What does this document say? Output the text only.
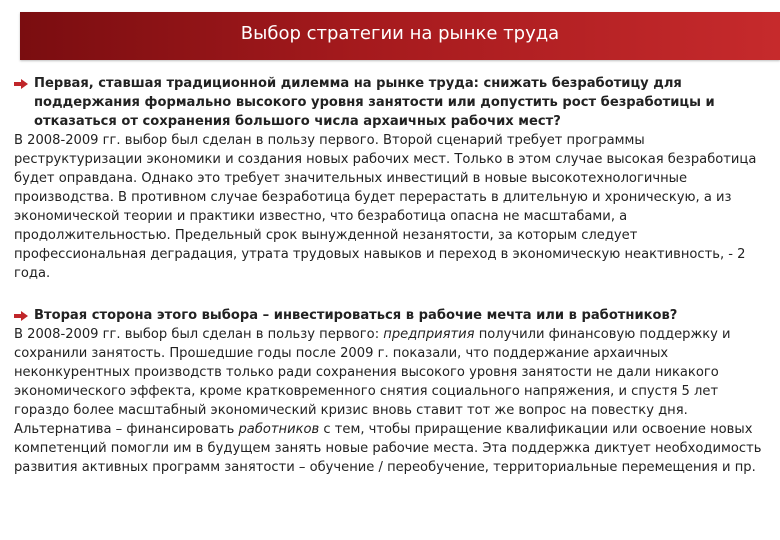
Выбор стратегии на рынке труда
Первая, ставшая традиционной дилемма на рынке труда: снижать безработицу для поддержания формально высокого уровня занятости или допустить рост безработицы и отказаться от сохранения большого числа архаичных рабочих мест?

В 2008-2009 гг. выбор был сделан в пользу первого. Второй сценарий требует программы реструктуризации экономики и создания новых рабочих мест. Только в этом случае высокая безработица будет оправдана. Однако это требует значительных инвестиций в новые высокотехнологичные производства. В противном случае безработица будет перерастать в длительную и хроническую, а из экономической теории и практики известно, что безработица опасна не масштабами, а продолжительностью. Предельный срок вынужденной незанятости, за которым следует профессиональная деградация, утрата трудовых навыков и переход в экономическую неактивность, - 2 года.

Вторая сторона этого выбора – инвестироваться в рабочие мечта или в работников?

В 2008-2009 гг. выбор был сделан в пользу первого: предприятия получили финансовую поддержку и сохранили занятость. Прошедшие годы после 2009 г. показали, что поддержание архаичных неконкурентных производств только ради сохранения высокого уровня занятости не дали никакого экономического эффекта, кроме кратковременного снятия социального напряжения, и спустя 5 лет гораздо более масштабный экономический кризис вновь ставит тот же вопрос на повестку дня. Альтернатива – финансировать работников с тем, чтобы приращение квалификации или освоение новых компетенций помогли им в будущем занять новые рабочие места. Эта поддержка диктует необходимость развития активных программ занятости – обучение / переобучение, территориальные перемещения и пр.
